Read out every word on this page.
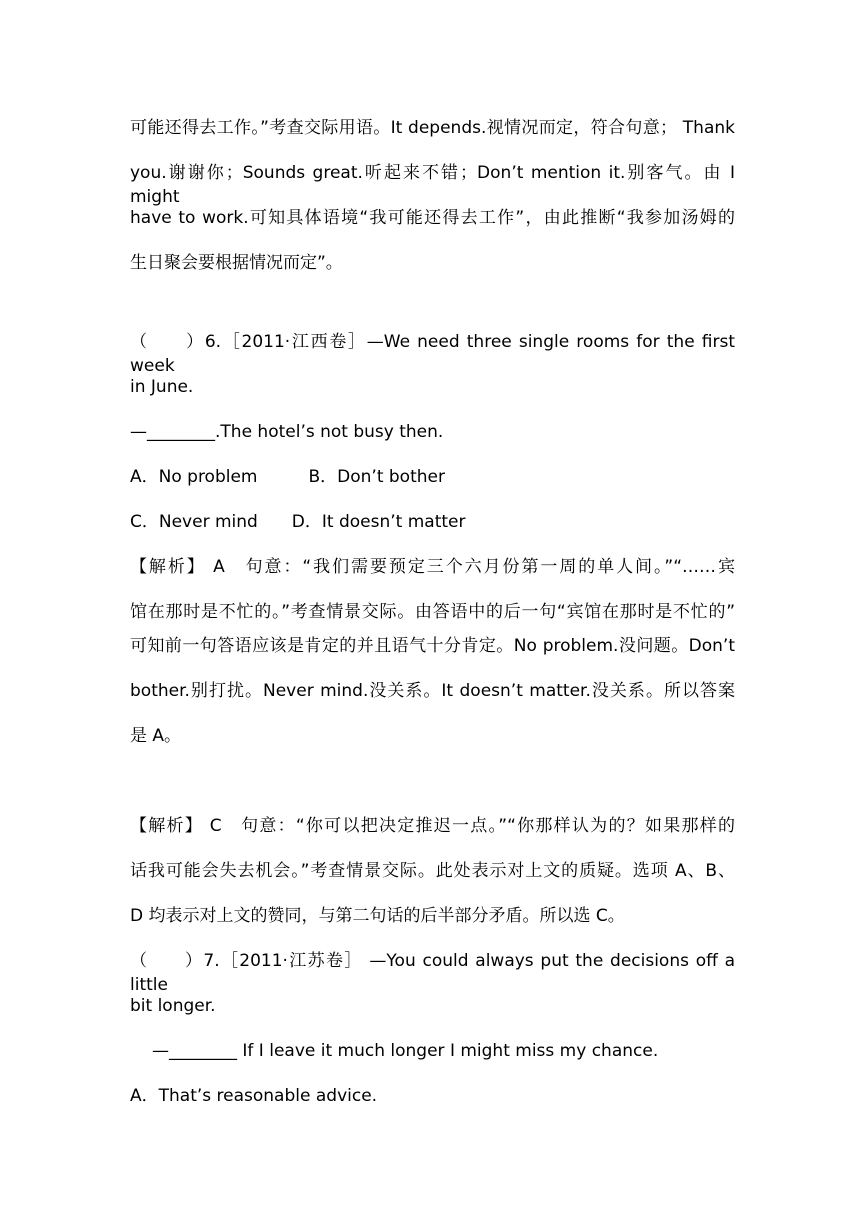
可能还得去工作。”考查交际用语。It depends.视情况而定，符合句意； Thank
you.谢谢你；Sounds great.听起来不错；Don’t mention it.别客气。由 I might
have to work.可知具体语境“我可能还得去工作”，由此推断“我参加汤姆的
生日聚会要根据情况而定”。
（　　）6.［2011·江西卷］—We need three single rooms for the first week
in June.
—________.The hotel’s not busy then.
A．No problem　　　B．Don’t bother
C．Never mind　　D．It doesn’t matter
【解析】 A　句意：“我们需要预定三个六月份第一周的单人间。”“……宾
馆在那时是不忙的。”考查情景交际。由答语中的后一句“宾馆在那时是不忙的”
可知前一句答语应该是肯定的并且语气十分肯定。No problem.没问题。Don’t
bother.别打扰。Never mind.没关系。It doesn’t matter.没关系。所以答案
是 A。
【解析】 C　句意：“你可以把决定推迟一点。”“你那样认为的？如果那样的
话我可能会失去机会。”考查情景交际。此处表示对上文的质疑。选项 A、B、
D 均表示对上文的赞同，与第二句话的后半部分矛盾。所以选 C。
（　　）7.［2011·江苏卷］ —You could always put the decisions off a little
bit longer.
—________ If I leave it much longer I might miss my chance.
A．That’s reasonable advice.
